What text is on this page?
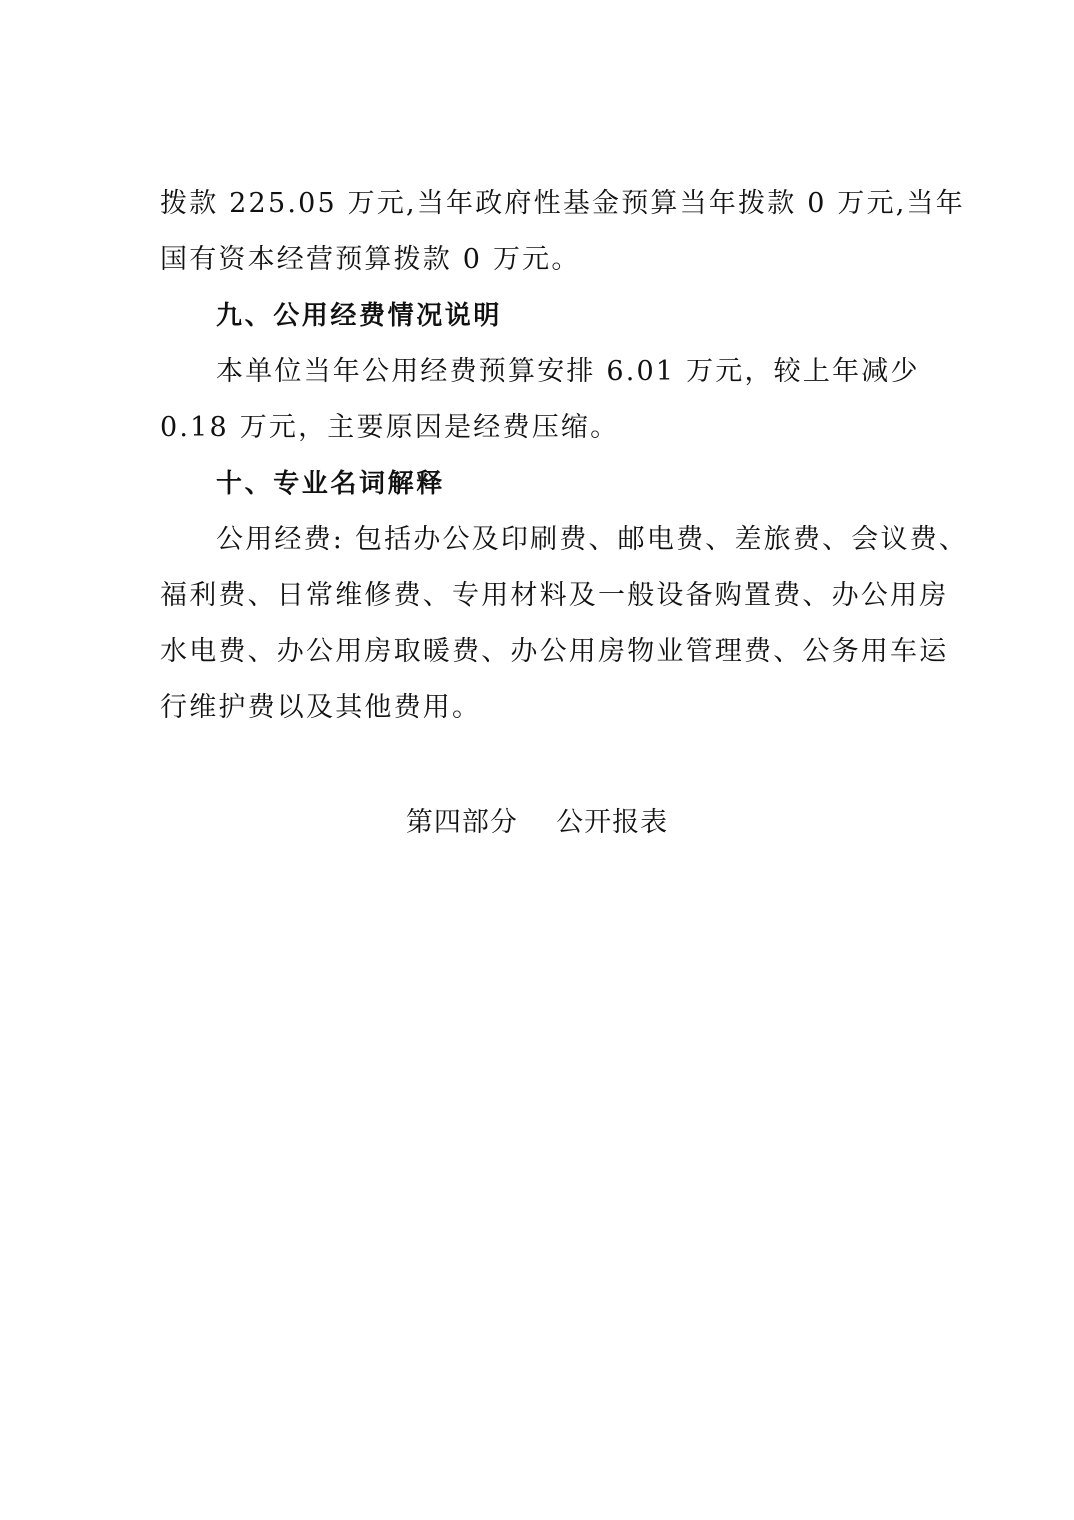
拨款 225.05 万元,当年政府性基金预算当年拨款 0 万元,当年
国有资本经营预算拨款 0 万元。
九、公用经费情况说明
本单位当年公用经费预算安排 6.01 万元，较上年减少
0.18 万元，主要原因是经费压缩。
十、专业名词解释
公用经费: 包括办公及印刷费、邮电费、差旅费、会议费、
福利费、日常维修费、专用材料及一般设备购置费、办公用房
水电费、办公用房取暖费、办公用房物业管理费、公务用车运
行维护费以及其他费用。
第四部分    公开报表
